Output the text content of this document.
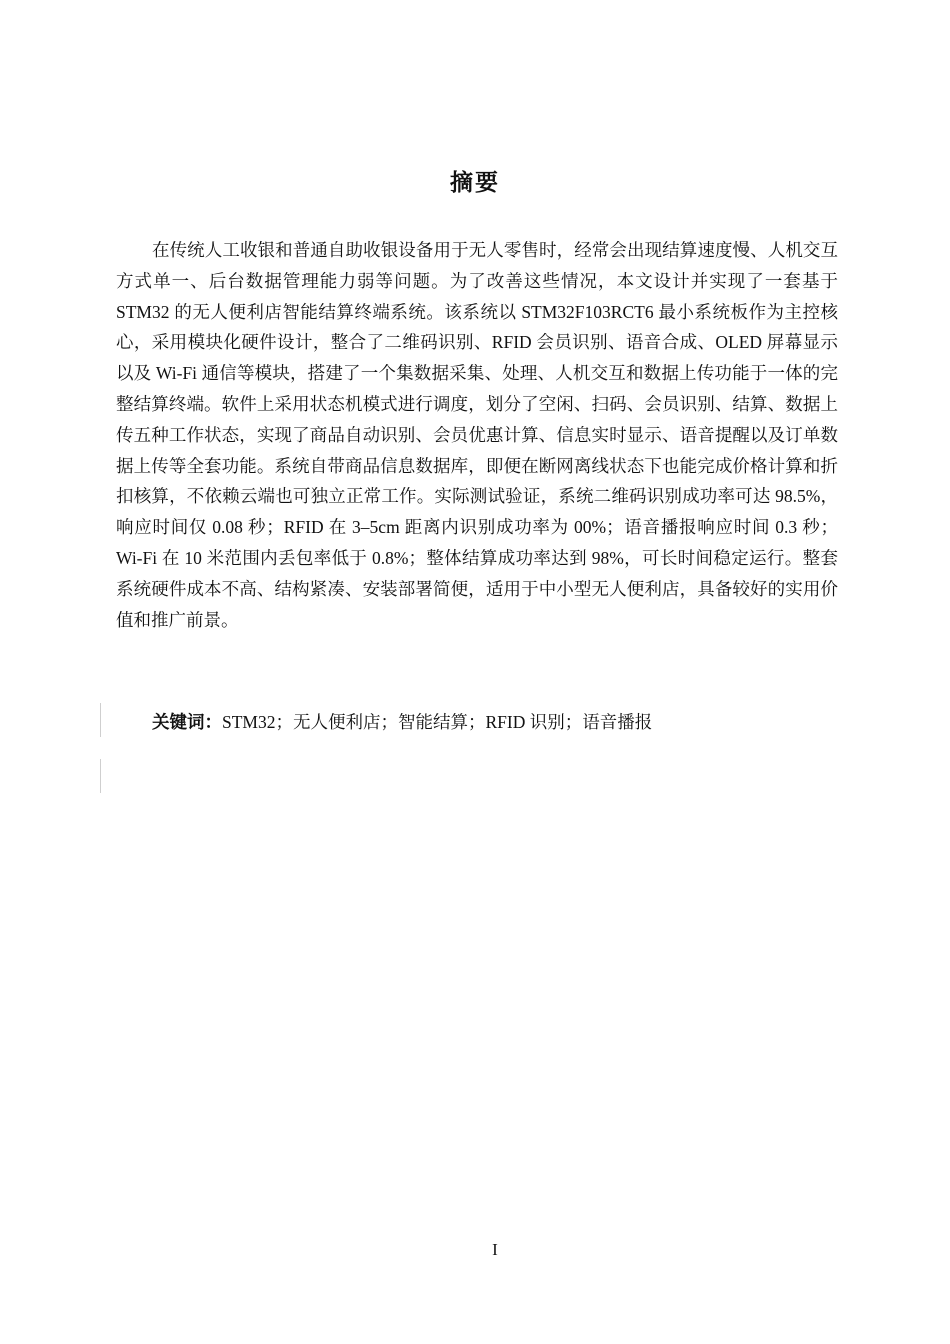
摘要

在传统人工收银和普通自助收银设备用于无人零售时，经常会出现结算速度慢、人机交互方式单一、后台数据管理能力弱等问题。为了改善这些情况，本文设计并实现了一套基于 STM32 的无人便利店智能结算终端系统。该系统以 STM32F103RCT6 最小系统板作为主控核心，采用模块化硬件设计，整合了二维码识别、RFID 会员识别、语音合成、OLED 屏幕显示以及 Wi-Fi 通信等模块，搭建了一个集数据采集、处理、人机交互和数据上传功能于一体的完整结算终端。软件上采用状态机模式进行调度，划分了空闲、扫码、会员识别、结算、数据上传五种工作状态，实现了商品自动识别、会员优惠计算、信息实时显示、语音提醒以及订单数据上传等全套功能。系统自带商品信息数据库，即便在断网离线状态下也能完成价格计算和折扣核算，不依赖云端也可独立正常工作。实际测试验证，系统二维码识别成功率可达 98.5%，响应时间仅 0.08 秒；RFID 在 3–5cm 距离内识别成功率为 00%；语音播报响应时间 0.3 秒；Wi-Fi 在 10 米范围内丢包率低于 0.8%；整体结算成功率达到 98%，可长时间稳定运行。整套系统硬件成本不高、结构紧凑、安装部署简便，适用于中小型无人便利店，具备较好的实用价值和推广前景。

关键词：STM32；无人便利店；智能结算；RFID 识别；语音播报
I
